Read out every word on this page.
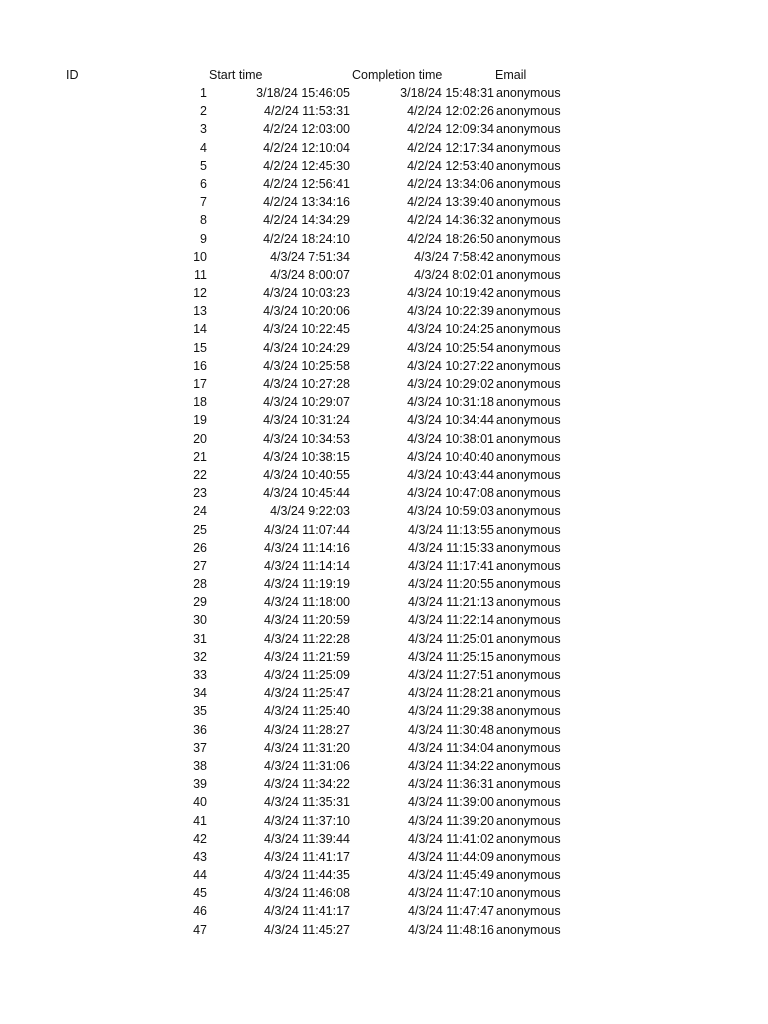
ID	Start time	Completion time	Email
1	3/18/24 15:46:05	3/18/24 15:48:31 anonymous
2	4/2/24 11:53:31	4/2/24 12:02:26 anonymous
3	4/2/24 12:03:00	4/2/24 12:09:34 anonymous
4	4/2/24 12:10:04	4/2/24 12:17:34 anonymous
5	4/2/24 12:45:30	4/2/24 12:53:40 anonymous
6	4/2/24 12:56:41	4/2/24 13:34:06 anonymous
7	4/2/24 13:34:16	4/2/24 13:39:40 anonymous
8	4/2/24 14:34:29	4/2/24 14:36:32 anonymous
9	4/2/24 18:24:10	4/2/24 18:26:50 anonymous
10	4/3/24 7:51:34	4/3/24 7:58:42 anonymous
11	4/3/24 8:00:07	4/3/24 8:02:01 anonymous
12	4/3/24 10:03:23	4/3/24 10:19:42 anonymous
13	4/3/24 10:20:06	4/3/24 10:22:39 anonymous
14	4/3/24 10:22:45	4/3/24 10:24:25 anonymous
15	4/3/24 10:24:29	4/3/24 10:25:54 anonymous
16	4/3/24 10:25:58	4/3/24 10:27:22 anonymous
17	4/3/24 10:27:28	4/3/24 10:29:02 anonymous
18	4/3/24 10:29:07	4/3/24 10:31:18 anonymous
19	4/3/24 10:31:24	4/3/24 10:34:44 anonymous
20	4/3/24 10:34:53	4/3/24 10:38:01 anonymous
21	4/3/24 10:38:15	4/3/24 10:40:40 anonymous
22	4/3/24 10:40:55	4/3/24 10:43:44 anonymous
23	4/3/24 10:45:44	4/3/24 10:47:08 anonymous
24	4/3/24 9:22:03	4/3/24 10:59:03 anonymous
25	4/3/24 11:07:44	4/3/24 11:13:55 anonymous
26	4/3/24 11:14:16	4/3/24 11:15:33 anonymous
27	4/3/24 11:14:14	4/3/24 11:17:41 anonymous
28	4/3/24 11:19:19	4/3/24 11:20:55 anonymous
29	4/3/24 11:18:00	4/3/24 11:21:13 anonymous
30	4/3/24 11:20:59	4/3/24 11:22:14 anonymous
31	4/3/24 11:22:28	4/3/24 11:25:01 anonymous
32	4/3/24 11:21:59	4/3/24 11:25:15 anonymous
33	4/3/24 11:25:09	4/3/24 11:27:51 anonymous
34	4/3/24 11:25:47	4/3/24 11:28:21 anonymous
35	4/3/24 11:25:40	4/3/24 11:29:38 anonymous
36	4/3/24 11:28:27	4/3/24 11:30:48 anonymous
37	4/3/24 11:31:20	4/3/24 11:34:04 anonymous
38	4/3/24 11:31:06	4/3/24 11:34:22 anonymous
39	4/3/24 11:34:22	4/3/24 11:36:31 anonymous
40	4/3/24 11:35:31	4/3/24 11:39:00 anonymous
41	4/3/24 11:37:10	4/3/24 11:39:20 anonymous
42	4/3/24 11:39:44	4/3/24 11:41:02 anonymous
43	4/3/24 11:41:17	4/3/24 11:44:09 anonymous
44	4/3/24 11:44:35	4/3/24 11:45:49 anonymous
45	4/3/24 11:46:08	4/3/24 11:47:10 anonymous
46	4/3/24 11:41:17	4/3/24 11:47:47 anonymous
47	4/3/24 11:45:27	4/3/24 11:48:16 anonymous
